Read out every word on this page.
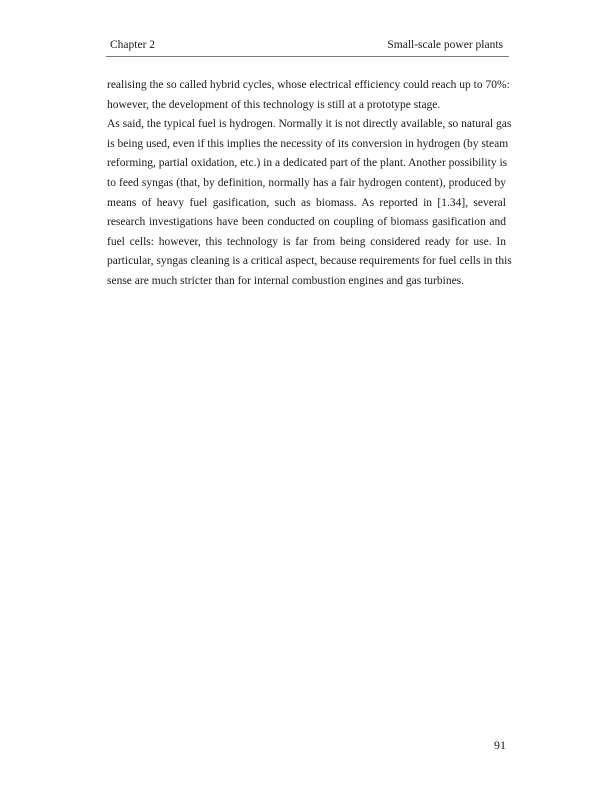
Chapter 2	Small-scale power plants

realising the so called hybrid cycles, whose electrical efficiency could reach up to 70%:
however, the development of this technology is still at a prototype stage.

As said, the typical fuel is hydrogen. Normally it is not directly available, so natural gas
is being used, even if this implies the necessity of its conversion in hydrogen (by steam
reforming, partial oxidation, etc.) in a dedicated part of the plant. Another possibility is
to feed syngas (that, by definition, normally has a fair hydrogen content), produced by
means of heavy fuel gasification, such as biomass. As reported in [1.34], several
research investigations have been conducted on coupling of biomass gasification and
fuel cells: however, this technology is far from being considered ready for use. In
particular, syngas cleaning is a critical aspect, because requirements for fuel cells in this
sense are much stricter than for internal combustion engines and gas turbines.

91
